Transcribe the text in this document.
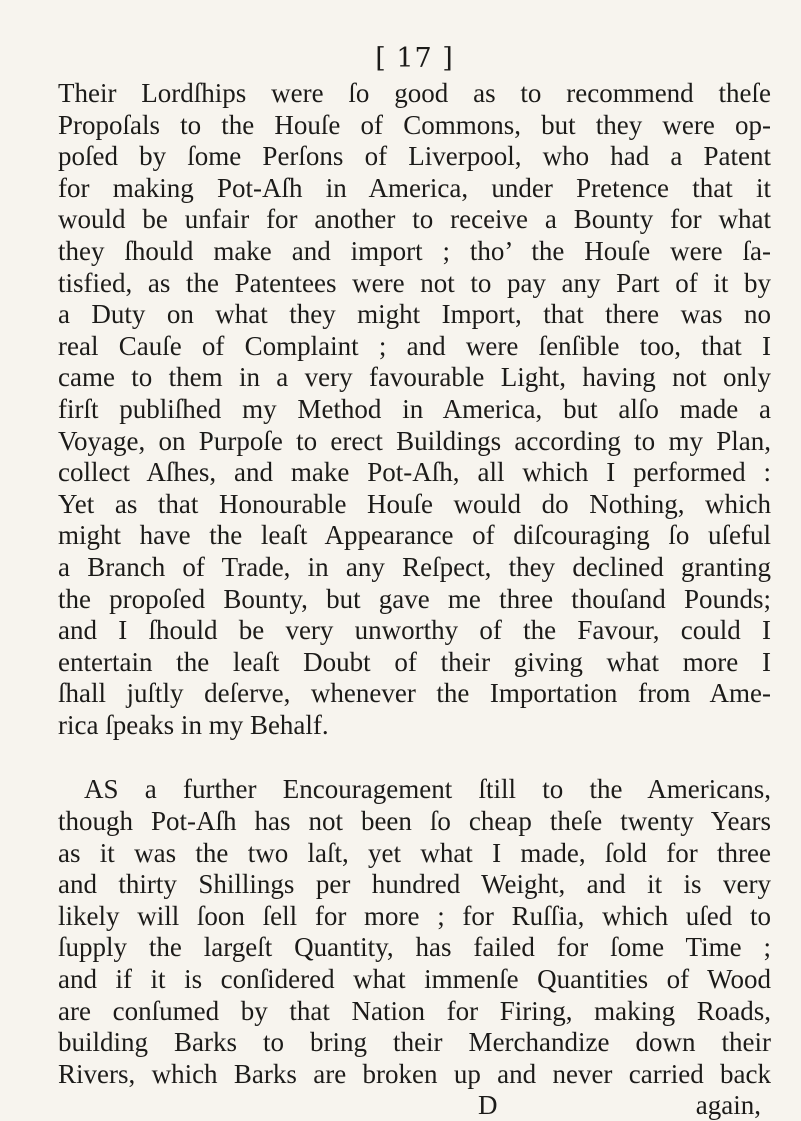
[ 17 ]
Their Lordſhips were ſo good as to recommend theſe
Propoſals to the Houſe of Commons, but they were op-
poſed by ſome Perſons of Liverpool, who had a Patent
for making Pot-Aſh in America, under Pretence that it
would be unfair for another to receive a Bounty for what
they ſhould make and import ; tho’ the Houſe were ſa-
tisfied, as the Patentees were not to pay any Part of it by
a Duty on what they might Import, that there was no
real Cauſe of Complaint ; and were ſenſible too, that I
came to them in a very favourable Light, having not only
firſt publiſhed my Method in America, but alſo made a
Voyage, on Purpoſe to erect Buildings according to my Plan,
collect Aſhes, and make Pot-Aſh, all which I performed :
Yet as that Honourable Houſe would do Nothing, which
might have the leaſt Appearance of diſcouraging ſo uſeful
a Branch of Trade, in any Reſpect, they declined granting
the propoſed Bounty, but gave me three thouſand Pounds;
and I ſhould be very unworthy of the Favour, could I
entertain the leaſt Doubt of their giving what more I
ſhall juſtly deſerve, whenever the Importation from Ame-
rica ſpeaks in my Behalf.
AS a further Encouragement ſtill to the Americans,
though Pot-Aſh has not been ſo cheap theſe twenty Years
as it was the two laſt, yet what I made, ſold for three
and thirty Shillings per hundred Weight, and it is very
likely will ſoon ſell for more ; for Ruſſia, which uſed to
ſupply the largeſt Quantity, has failed for ſome Time ;
and if it is conſidered what immenſe Quantities of Wood
are conſumed by that Nation for Firing, making Roads,
building Barks to bring their Merchandize down their
Rivers, which Barks are broken up and never carried back
D	again,
